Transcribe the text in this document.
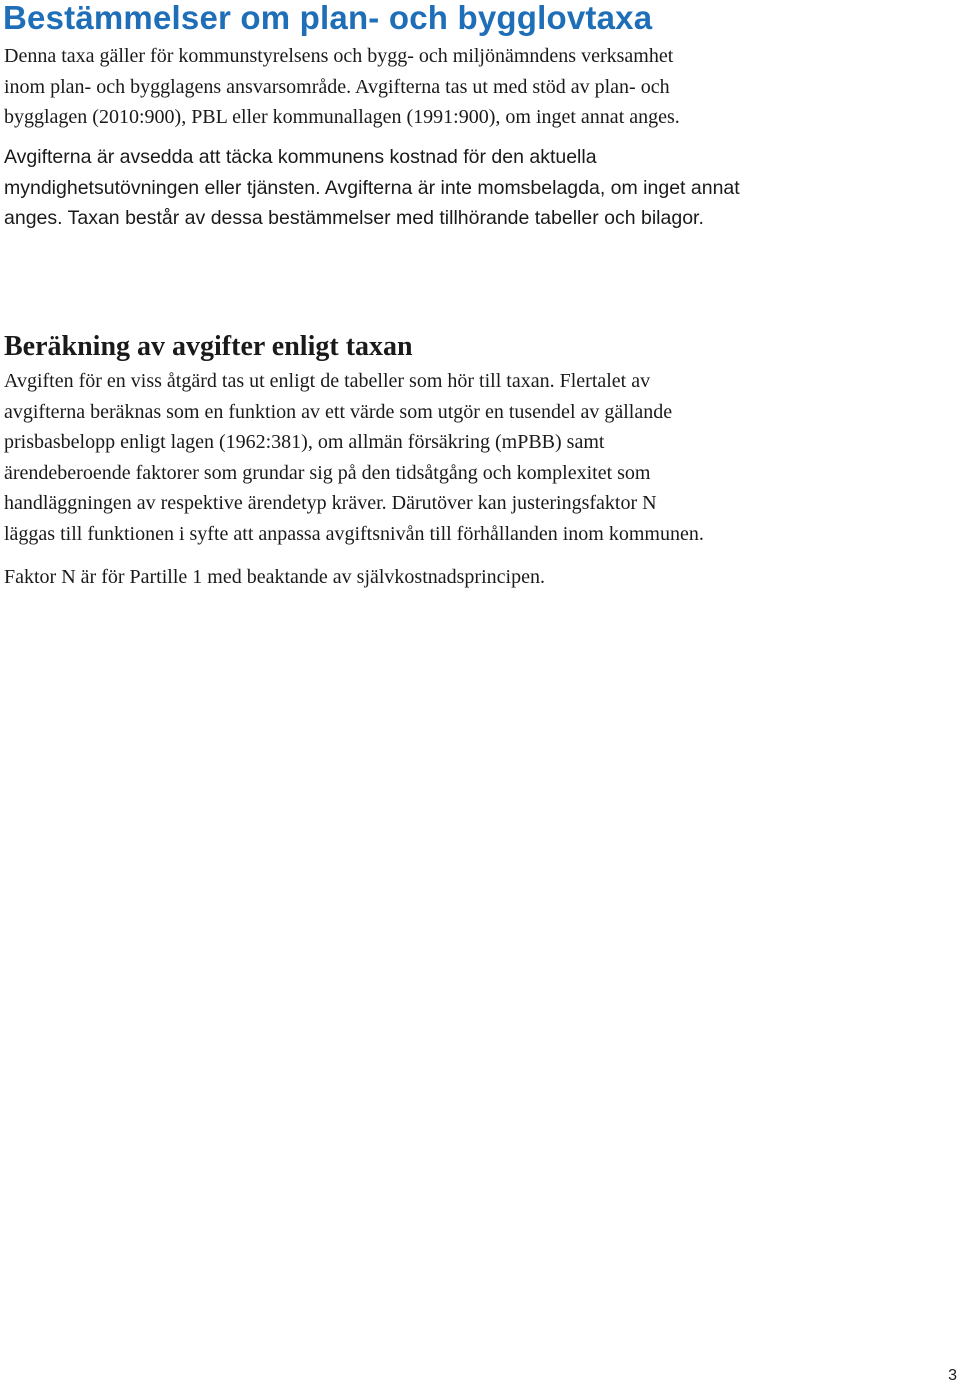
Bestämmelser om plan- och bygglovtaxa

Denna taxa gäller för kommunstyrelsens och bygg- och miljönämndens verksamhet
inom plan- och bygglagens ansvarsområde. Avgifterna tas ut med stöd av plan- och
bygglagen (2010:900), PBL eller kommunallagen (1991:900), om inget annat anges.

Avgifterna är avsedda att täcka kommunens kostnad för den aktuella
myndighetsutövningen eller tjänsten. Avgifterna är inte momsbelagda, om inget annat
anges. Taxan består av dessa bestämmelser med tillhörande tabeller och bilagor.

Beräkning av avgifter enligt taxan

Avgiften för en viss åtgärd tas ut enligt de tabeller som hör till taxan. Flertalet av
avgifterna beräknas som en funktion av ett värde som utgör en tusendel av gällande
prisbasbelopp enligt lagen (1962:381), om allmän försäkring (mPBB) samt
ärendeberoende faktorer som grundar sig på den tidsåtgång och komplexitet som
handläggningen av respektive ärendetyp kräver. Därutöver kan justeringsfaktor N
läggas till funktionen i syfte att anpassa avgiftsnivån till förhållanden inom kommunen.

Faktor N är för Partille 1 med beaktande av självkostnadsprincipen.

3
